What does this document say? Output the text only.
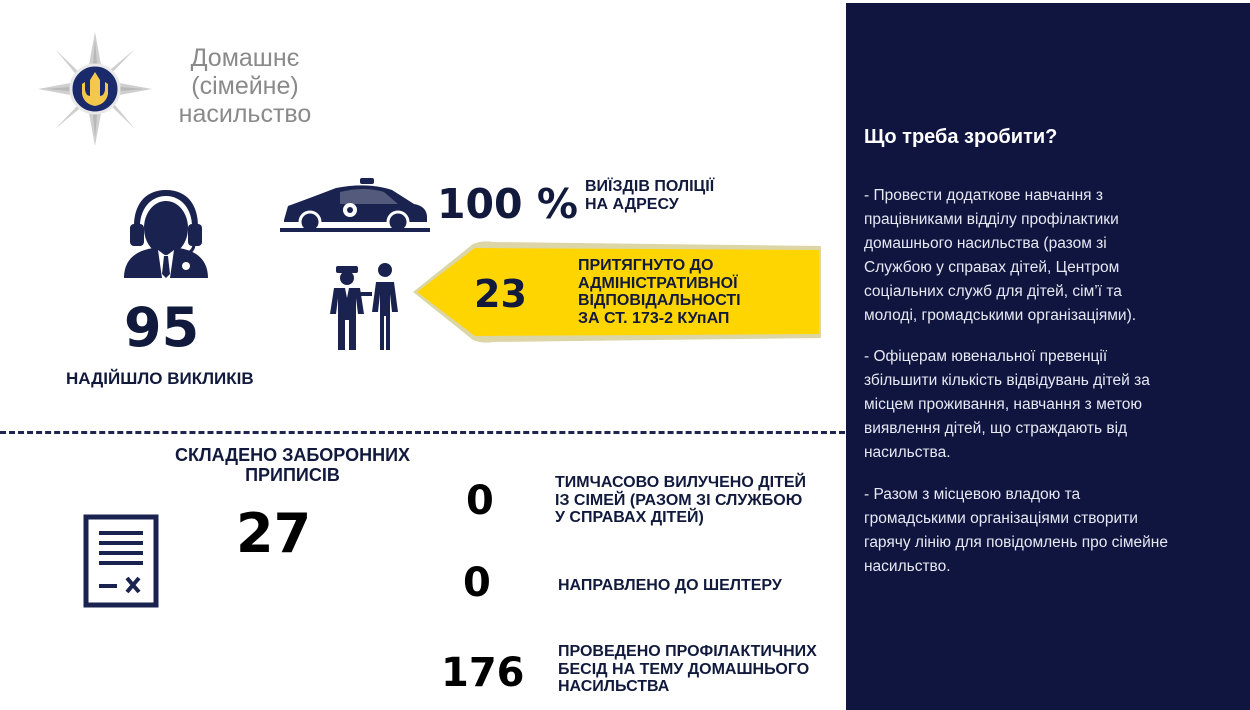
Домашнє
(сімейне)
насильство
95
НАДІЙШЛО ВИКЛИКІВ
100 % ВИЇЗДІВ ПОЛІЦІЇ
НА АДРЕСУ
23
ПРИТЯГНУТО ДО
АДМІНІСТРАТИВНОЇ
ВІДПОВІДАЛЬНОСТІ
ЗА СТ. 173-2 КУпАП
СКЛАДЕНО ЗАБОРОННИХ
ПРИПИСІВ
27
0	ТИМЧАСОВО ВИЛУЧЕНО ДІТЕЙ
ІЗ СІМЕЙ (РАЗОМ ЗІ СЛУЖБОЮ
У СПРАВАХ ДІТЕЙ)
0	НАПРАВЛЕНО ДО ШЕЛТЕРУ
176 ПРОВЕДЕНО ПРОФІЛАКТИЧНИХ
БЕСІД НА ТЕМУ ДОМАШНЬОГО
НАСИЛЬСТВА
Що треба зробити?
- Провести додаткове навчання з
працівниками відділу профілактики
домашнього насильства (разом зі
Службою у справах дітей, Центром
соціальних служб для дітей, сім’ї та
молоді, громадськими організаціями).
- Офіцерам ювенальної превенції
збільшити кількість відвідувань дітей за
місцем проживання, навчання з метою
виявлення дітей, що страждають від
насильства.
- Разом з місцевою владою та
громадськими організаціями створити
гарячу лінію для повідомлень про сімейне
насильство.
